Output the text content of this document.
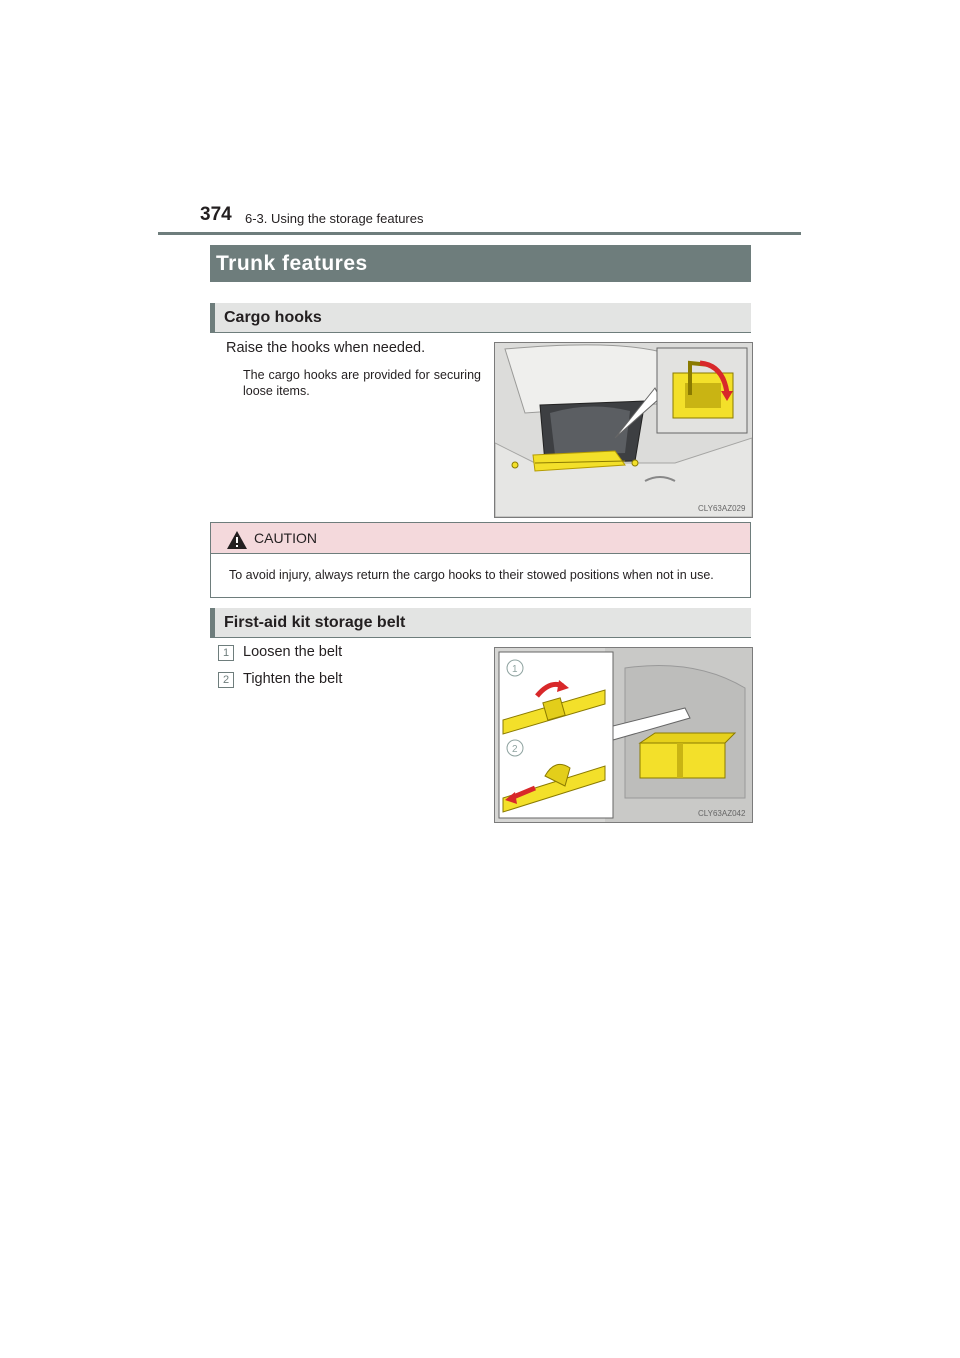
374 6-3. Using the storage features
Trunk features
Cargo hooks
Raise the hooks when needed.
The cargo hooks are provided for securing loose items.
CLY63AZ029
CAUTION
To avoid injury, always return the cargo hooks to their stowed positions when not in use.
First-aid kit storage belt
1 Loosen the belt
2 Tighten the belt
1
2
CLY63AZ042
